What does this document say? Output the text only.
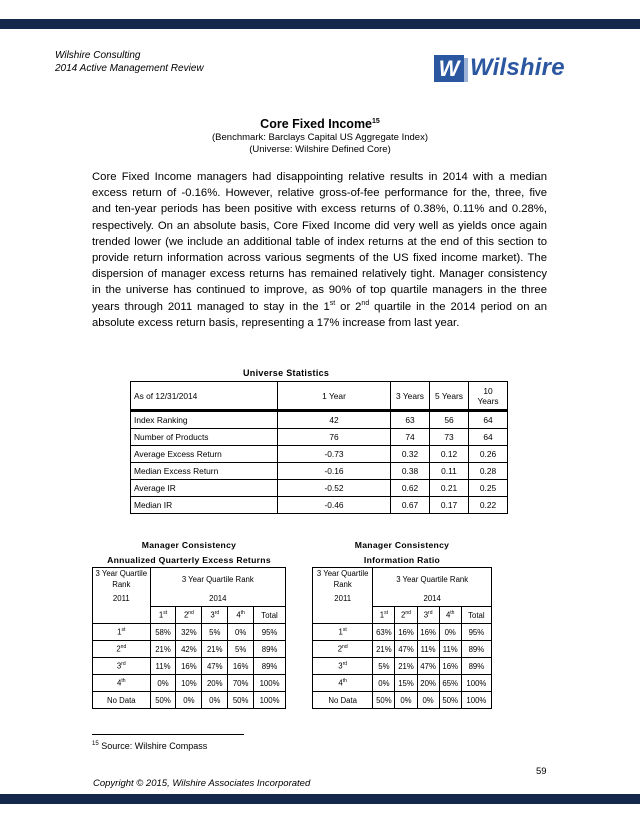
Wilshire Consulting
2014 Active Management Review	W Wilshire
Core Fixed Income$^{15}$
(Benchmark: Barclays Capital US Aggregate Index)
(Universe: Wilshire Defined Core)
Core Fixed Income managers had disappointing relative results in 2014 with a median excess return of -0.16%. However, relative gross-of-fee performance for the, three, five and ten-year periods has been positive with excess returns of 0.38%, 0.11% and 0.28%, respectively. On an absolute basis, Core Fixed Income did very well as yields once again trended lower (we include an additional table of index returns at the end of this section to provide return information across various segments of the US fixed income market). The dispersion of manager excess returns has remained relatively tight. Manager consistency in the universe has continued to improve, as 90% of top quartile managers in the three years through 2011 managed to stay in the 1st or 2nd quartile in the 2014 period on an absolute excess return basis, representing a 17% increase from last year.
Universe Statistics
As of 12/31/2014	1 Year	3 Years	5 Years	10 Years
Index Ranking	42	63	56	64
Number of Products	76	74	73	64
Average Excess Return	-0.73	0.32	0.12	0.26
Median Excess Return	-0.16	0.38	0.11	0.28
Average IR	-0.52	0.62	0.21	0.25
Median IR	-0.46	0.67	0.17	0.22
Manager Consistency
Annualized Quarterly Excess Returns
3 Year Quartile Rank	3 Year Quartile Rank				

2011	2014				
	1st	2nd	3rd	4th	Total
1st	58%	32%	5%	0%	95%
2nd	21%	42%	21%	5%	89%
3rd	11%	16%	47%	16%	89%
4th	0%	10%	20%	70%	100%
No Data	50%	0%	0%	50%	100%
Manager Consistency
Information Ratio
3 Year Quartile Rank	3 Year Quartile Rank				

2011	2014				
	1st	2nd	3rd	4th	Total
1st	63%	16%	16%	0%	95%
2nd	21%	47%	11%	11%	89%
3rd	5%	21%	47%	16%	89%
4th	0%	15%	20%	65%	100%
No Data	50%	0%	0%	50%	100%
$^{15}$ Source: Wilshire Compass
59
Copyright © 2015, Wilshire Associates Incorporated
